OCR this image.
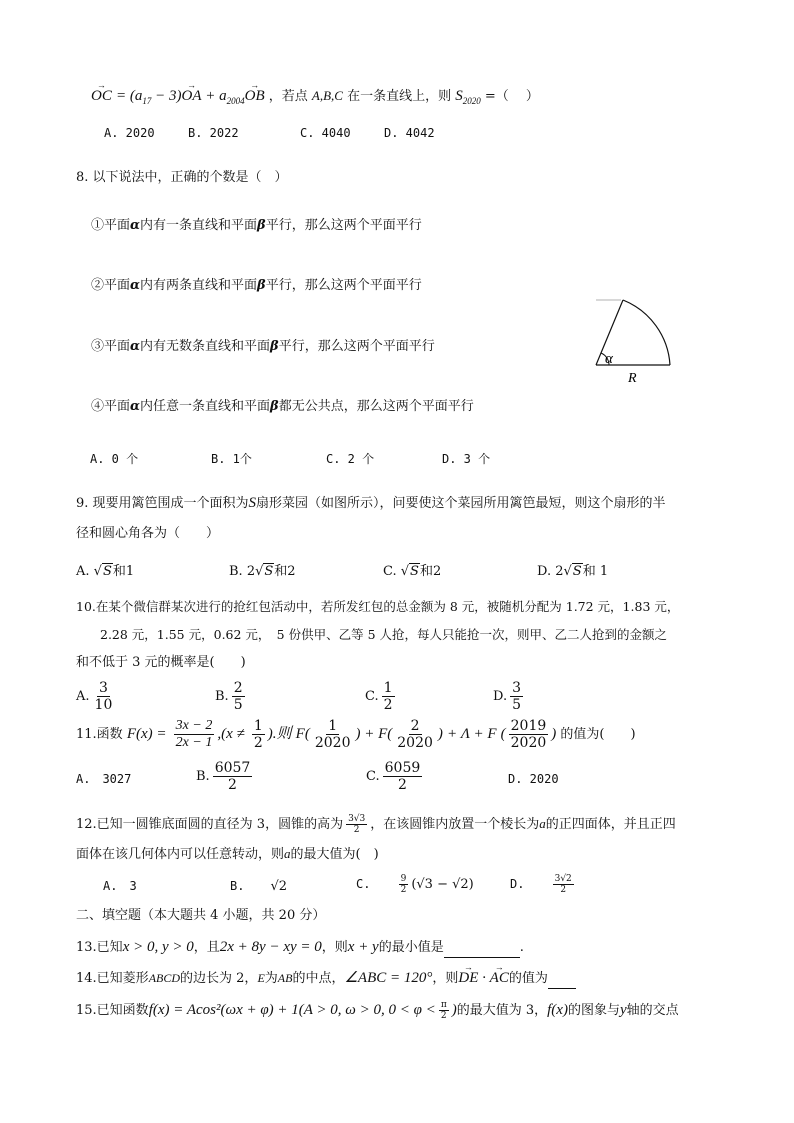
OC → = $(a_{17} - 3)OA$ → + $a_{2004}OB$ → ，若点 A,B,C 在一条直线上，则 $S_{2020}$ =（　 ）
A. 2020	B. 2022	C. 4040	D. 4042
8. 以下说法中，正确的个数是（　）
①平面α内有一条直线和平面β平行，那么这两个平面平行
②平面α内有两条直线和平面β平行，那么这两个平面平行
③平面α内有无数条直线和平面β平行，那么这两个平面平行
④平面α内任意一条直线和平面β都无公共点，那么这两个平面平行
α
R
A. 0 个	B. 1个	C. 2 个	D. 3 个
9. 现要用篱笆围成一个面积为S扇形菜园（如图所示），问要使这个菜园所用篱笆最短，则这个扇形的半
径和圆心角各为（　　）
A. √S和1	B. 2√S和2	C. √S和2	D. 2√S和 1
10.在某个微信群某次进行的抢红包活动中，若所发红包的总金额为 8 元，被随机分配为 1.72 元，1.83 元，
2.28 元，1.55 元，0.62 元，　5 份供甲、乙等 5 人抢，每人只能抢一次，则甲、乙二人抢到的金额之
和不低于 3 元的概率是(　　)
A. $\frac{3}{10}$	B. $\frac{2}{5}$	C. $\frac{1}{2}$	D. $\frac{3}{5}$
11.函数 $F(x) = \frac{3x - 2}{2x - 1} ,(x \ne \frac{1}{2}$ ).则 $F( \frac{1}{2020}$ ) + $F( \frac{2}{2020}$ ) + Λ + F ( $\frac{2019}{2020}$ ) 的值为(　　)
A.　3027	B. $\frac{6057}{2}$	C. $\frac{6059}{2}$	D. 2020
12.已知一圆锥底面圆的直径为 3，圆锥的高为 $\frac{3√3}{2}$ ，在该圆锥内放置一个棱长为a的正四面体，并且正四
面体在该几何体内可以任意转动，则a的最大值为(　)
A.　3	B. √2	C.	$\frac{9}{2} (√3 - √2)$	D.	$\frac{3√2}{2}$
二、填空题（本大题共 4 小题，共 20 分）
13.已知x > 0, y > 0，且2x + 8y − xy = 0，则x + y的最小值是	.
14.已知菱形ABCD的边长为 2，E为AB的中点，∠ABC = 120°，则DE → · AC →的值为
15.已知函数f(x) = Acos²(ωx + φ) + 1(A > 0, ω > 0, $0 < \varphi < \frac{\pi}{2}$ )的最大值为 3，f(x)的图象与y轴的交点
